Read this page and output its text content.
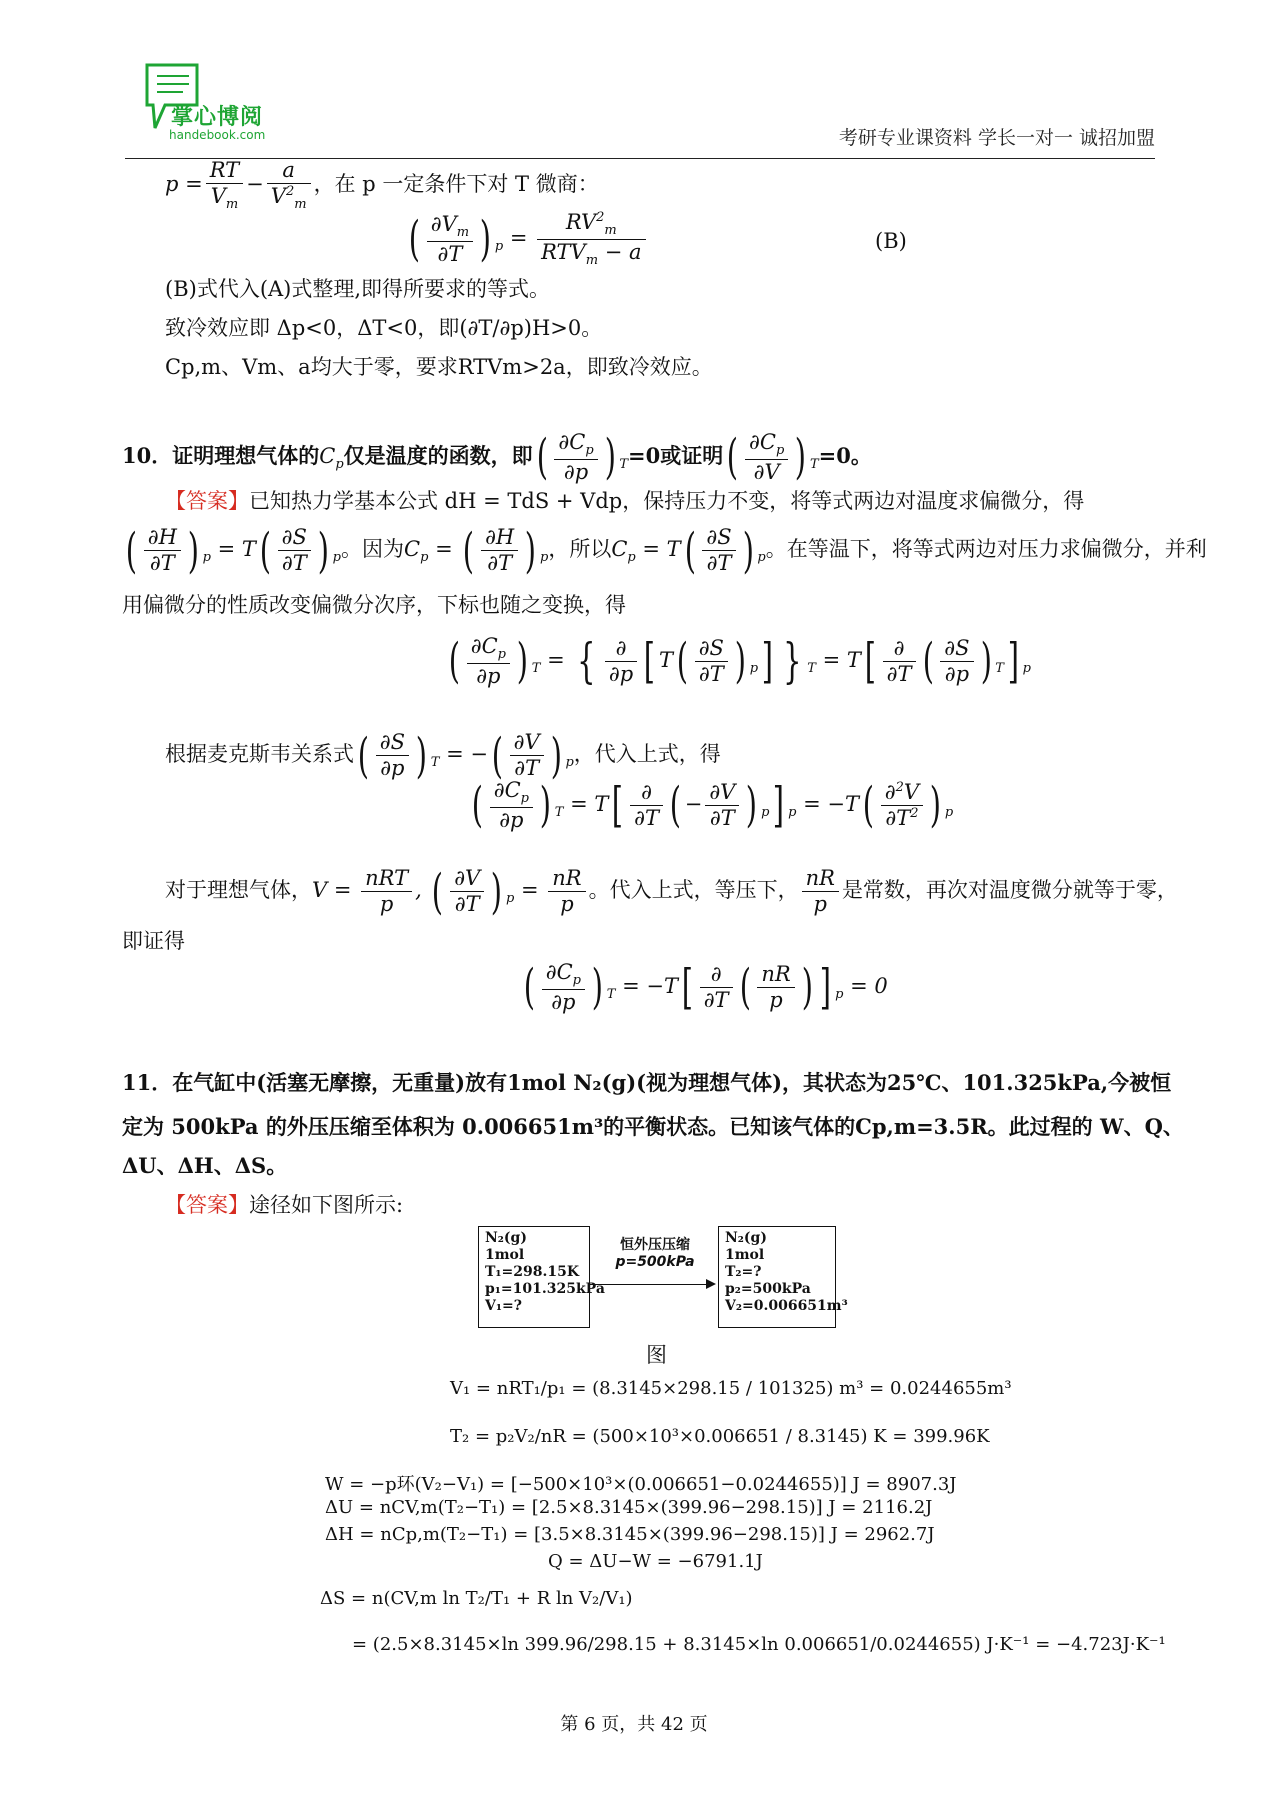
掌心博阅
handebook.com	考研专业课资料 学长一对一 诚招加盟
$p = \frac{RT}{V_m} - \frac{a}{V^2_m}$ ，在 p 一定条件下对 T 微商：
( $\frac{\partial V_m}{\partial T}$ ) $_p = \frac{RV^2_m}{RTV_m - a}$	(B)
(B)式代入(A)式整理,即得所要求的等式。
致冷效应即 Δp<0，ΔT<0，即(∂T/∂p)H>0。
Cp,m、Vm、a均大于零，要求RTVm>2a，即致冷效应。
10．证明理想气体的$C_p$仅是温度的函数，即( $\frac{\partial C_p}{\partial p}$ ) $_T$=0或证明( $\frac{\partial C_p}{\partial V}$ ) $_T$=0。
【答案】已知热力学基本公式 dH = TdS + Vdp，保持压力不变，将等式两边对温度求偏微分，得
( $\frac{\partial H}{\partial T}$ ) $_p = T( \frac{\partial S}{\partial T}$ ) $_p$。因为$C_p$ = ( $\frac{\partial H}{\partial T}$ ) $_p$，所以$C_p = T( \frac{\partial S}{\partial T}$ ) $_p$。在等温下，将等式两边对压力求偏微分，并利
用偏微分的性质改变偏微分次序，下标也随之变换，得
( $\frac{\partial C_p}{\partial p}$ ) $_T$ = { $\frac{\partial}{\partial p}$ [ $T( \frac{\partial S}{\partial T}$ ) $_p$] } $_T = T[ \frac{\partial}{\partial T}$ ( $\frac{\partial S}{\partial p}$ ) $_T$] $_p$
根据麦克斯韦关系式( $\frac{\partial S}{\partial p}$ ) $_T$ = −( $\frac{\partial V}{\partial T}$ ) $_p$，代入上式，得
( $\frac{\partial C_p}{\partial p}$ ) $_T = T[ \frac{\partial}{\partial T}$ ( − $\frac{\partial V}{\partial T}$ ) $_p$] $_p = -T( \frac{\partial^2V}{\partial T^2}$ ) $_p$
对于理想气体，$V = \frac{\text{nRT}}{p}$ , ( $\frac{\partial V}{\partial T}$ ) $_p = \frac{nR}{p}$ 。代入上式，等压下， $\frac{nR}{p}$ 是常数，再次对温度微分就等于零，
即证得
( $\frac{\partial C_p}{\partial p}$ ) $_T = -T[ \frac{\partial}{\partial T}$ ( $\frac{nR}{p}$ ) ] $_p$ = 0
11．在气缸中(活塞无摩擦，无重量)放有1mol N₂(g)(视为理想气体)，其状态为25℃、101.325kPa,今被恒
定为 500kPa 的外压压缩至体积为 0.006651m³的平衡状态。已知该气体的Cp,m=3.5R。此过程的 W、Q、
ΔU、ΔH、ΔS。
【答案】途径如下图所示:
N₂(g)
1mol
T₁=298.15K
p₁=101.325kPa
V₁=?
恒外压压缩
p=500kPa
N₂(g)
1mol
T₂=?
p₂=500kPa
V₂=0.006651m³
图
V₁ = nRT₁/p₁ = (8.3145×298.15 / 101325) m³ = 0.0244655m³
T₂ = p₂V₂/nR = (500×10³×0.006651 / 8.3145) K = 399.96K
W = −p环(V₂−V₁) = [−500×10³×(0.006651−0.0244655)] J = 8907.3J
ΔU = nCV,m(T₂−T₁) = [2.5×8.3145×(399.96−298.15)] J = 2116.2J
ΔH = nCp,m(T₂−T₁) = [3.5×8.3145×(399.96−298.15)] J = 2962.7J
Q = ΔU−W = −6791.1J
ΔS = n(CV,m ln T₂/T₁ + R ln V₂/V₁)
= (2.5×8.3145×ln 399.96/298.15 + 8.3145×ln 0.006651/0.0244655) J·K⁻¹ = −4.723J·K⁻¹
第 6 页，共 42 页
